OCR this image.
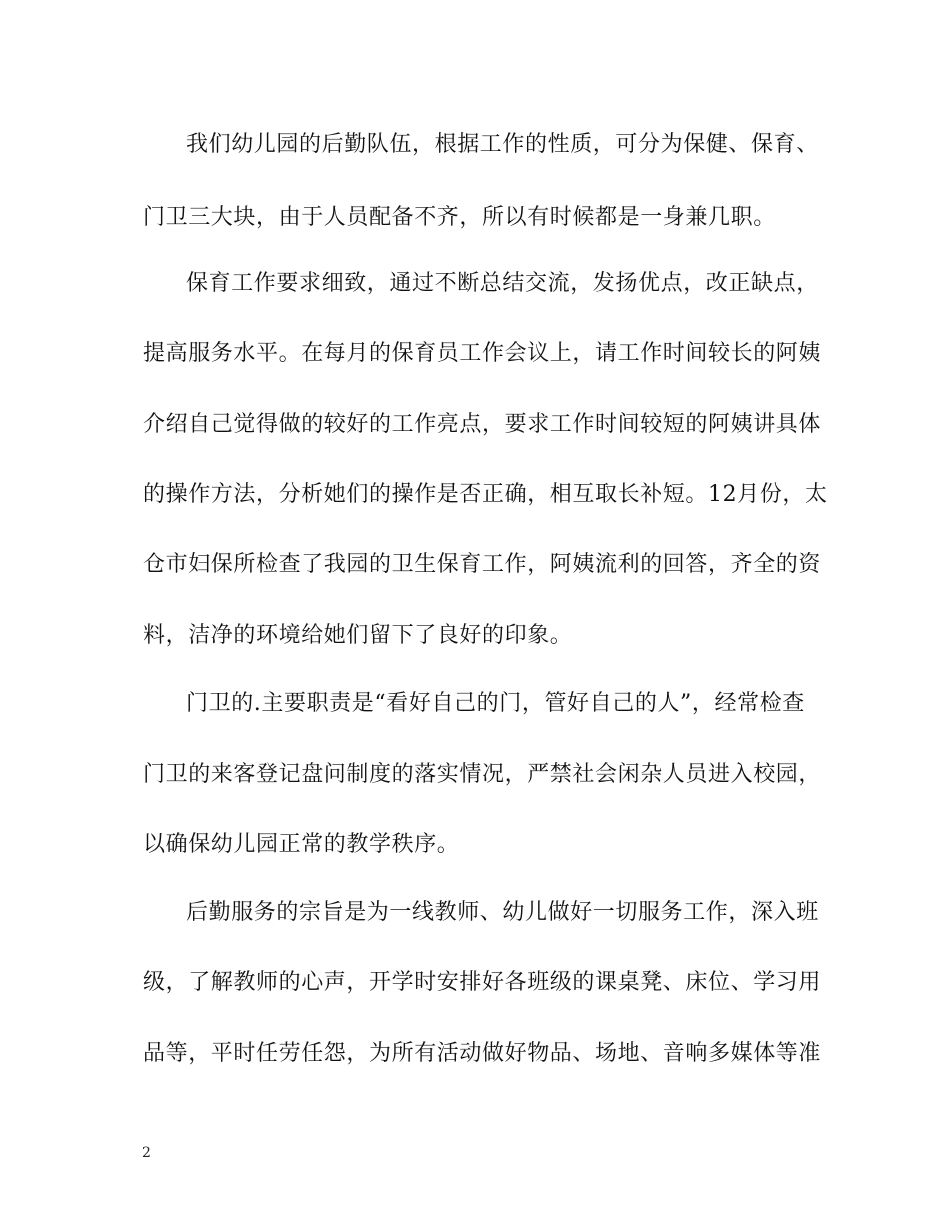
我们幼儿园的后勤队伍，根据工作的性质，可分为保健、保育、
门卫三大块，由于人员配备不齐，所以有时候都是一身兼几职。
保育工作要求细致，通过不断总结交流，发扬优点，改正缺点，
提高服务水平。在每月的保育员工作会议上，请工作时间较长的阿姨
介绍自己觉得做的较好的工作亮点，要求工作时间较短的阿姨讲具体
的操作方法，分析她们的操作是否正确，相互取长补短。12月份，太
仓市妇保所检查了我园的卫生保育工作，阿姨流利的回答，齐全的资
料，洁净的环境给她们留下了良好的印象。
门卫的.主要职责是“看好自己的门，管好自己的人”，经常检查
门卫的来客登记盘问制度的落实情况，严禁社会闲杂人员进入校园，
以确保幼儿园正常的教学秩序。
后勤服务的宗旨是为一线教师、幼儿做好一切服务工作，深入班
级，了解教师的心声，开学时安排好各班级的课桌凳、床位、学习用
品等，平时任劳任怨，为所有活动做好物品、场地、音响多媒体等准
2
